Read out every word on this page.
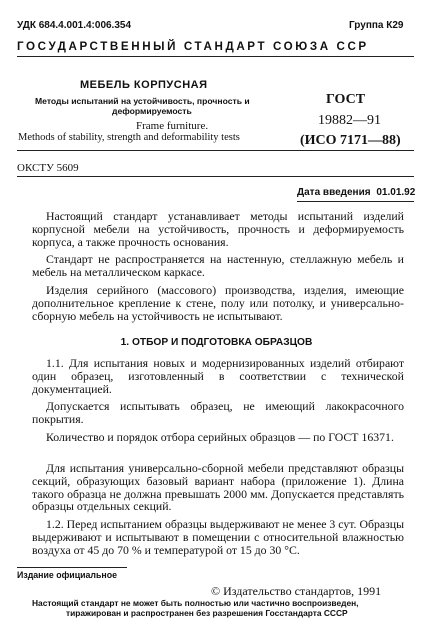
УДК 684.4.001.4:006.354	Группа К29
ГОСУДАРСТВЕННЫЙ СТАНДАРТ СОЮЗА ССР
МЕБЕЛЬ КОРПУСНАЯ
Методы испытаний на устойчивость, прочность и
деформируемость
Frame furniture.
Methods of stability, strength and deformability tests
ГОСТ
19882—91
(ИСО 7171—88)
ОКСТУ 5609
Дата введения 01.01.92
Настоящий стандарт устанавливает методы испытаний изделий корпусной мебели на устойчивость, прочность и деформируемость корпуса, а также прочность основания.
Стандарт не распространяется на настенную, стеллажную мебель и мебель на металлическом каркасе.
Изделия серийного (массового) производства, изделия, имеющие дополнительное крепление к стене, полу или потолку, и универсально-сборную мебель на устойчивость не испытывают.
1. ОТБОР И ПОДГОТОВКА ОБРАЗЦОВ
1.1. Для испытания новых и модернизированных изделий отбирают один образец, изготовленный в соответствии с технической документацией.
Допускается испытывать образец, не имеющий лакокрасочного покрытия.
Количество и порядок отбора серийных образцов — по ГОСТ 16371.
Для испытания универсально-сборной мебели представляют образцы секций, образующих базовый вариант набора (приложение 1). Длина такого образца не должна превышать 2000 мм. Допускается представлять образцы отдельных секций.
1.2. Перед испытанием образцы выдерживают не менее 3 сут. Образцы выдерживают и испытывают в помещении с относительной влажностью воздуха от 45 до 70 % и температурой от 15 до 30 °С.
Издание официальное
© Издательство стандартов, 1991
Настоящий стандарт не может быть полностью или частично воспроизведен,
тиражирован и распространен без разрешения Госстандарта СССР
